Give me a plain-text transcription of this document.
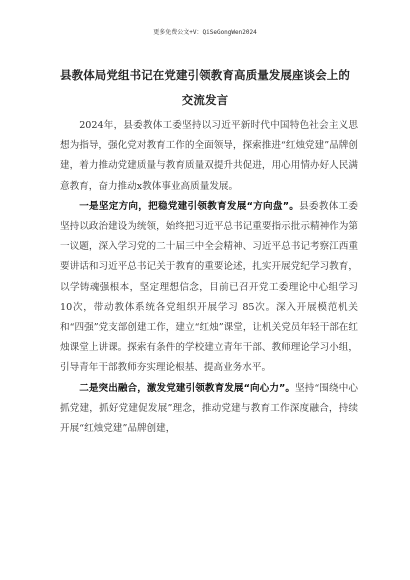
更多免费公文+V：QiSeGongWen2024
县教体局党组书记在党建引领教育高质量发展座谈会上的
交流发言

2024年，县委教体工委坚持以习近平新时代中国特色社会主义思想为指导，强化党对教育工作的全面领导，探索推进“红烛党建”品牌创建，着力推动党建质量与教育质量双提升共促进，用心用情办好人民满意教育，奋力推动x教体事业高质量发展。

一是坚定方向，把稳党建引领教育发展“方向盘”。县委教体工委坚持以政治建设为统领，始终把习近平总书记重要指示批示精神作为第一议题，深入学习党的二十届三中全会精神、习近平总书记考察江西重要讲话和习近平总书记关于教育的重要论述，扎实开展党纪学习教育，以学铸魂强根本，坚定理想信念，目前已召开党工委理论中心组学习 10次，带动教体系统各党组织开展学习 85次。深入开展模范机关和“四强”党支部创建工作，建立“红烛”课堂，让机关党员年轻干部在红烛课堂上讲课。探索有条件的学校建立青年干部、教师理论学习小组，引导青年干部教师夯实理论根基、提高业务水平。

二是突出融合，激发党建引领教育发展“向心力”。坚持“围绕中心抓党建，抓好党建促发展”理念，推动党建与教育工作深度融合，持续开展“红烛党建”品牌创建，
